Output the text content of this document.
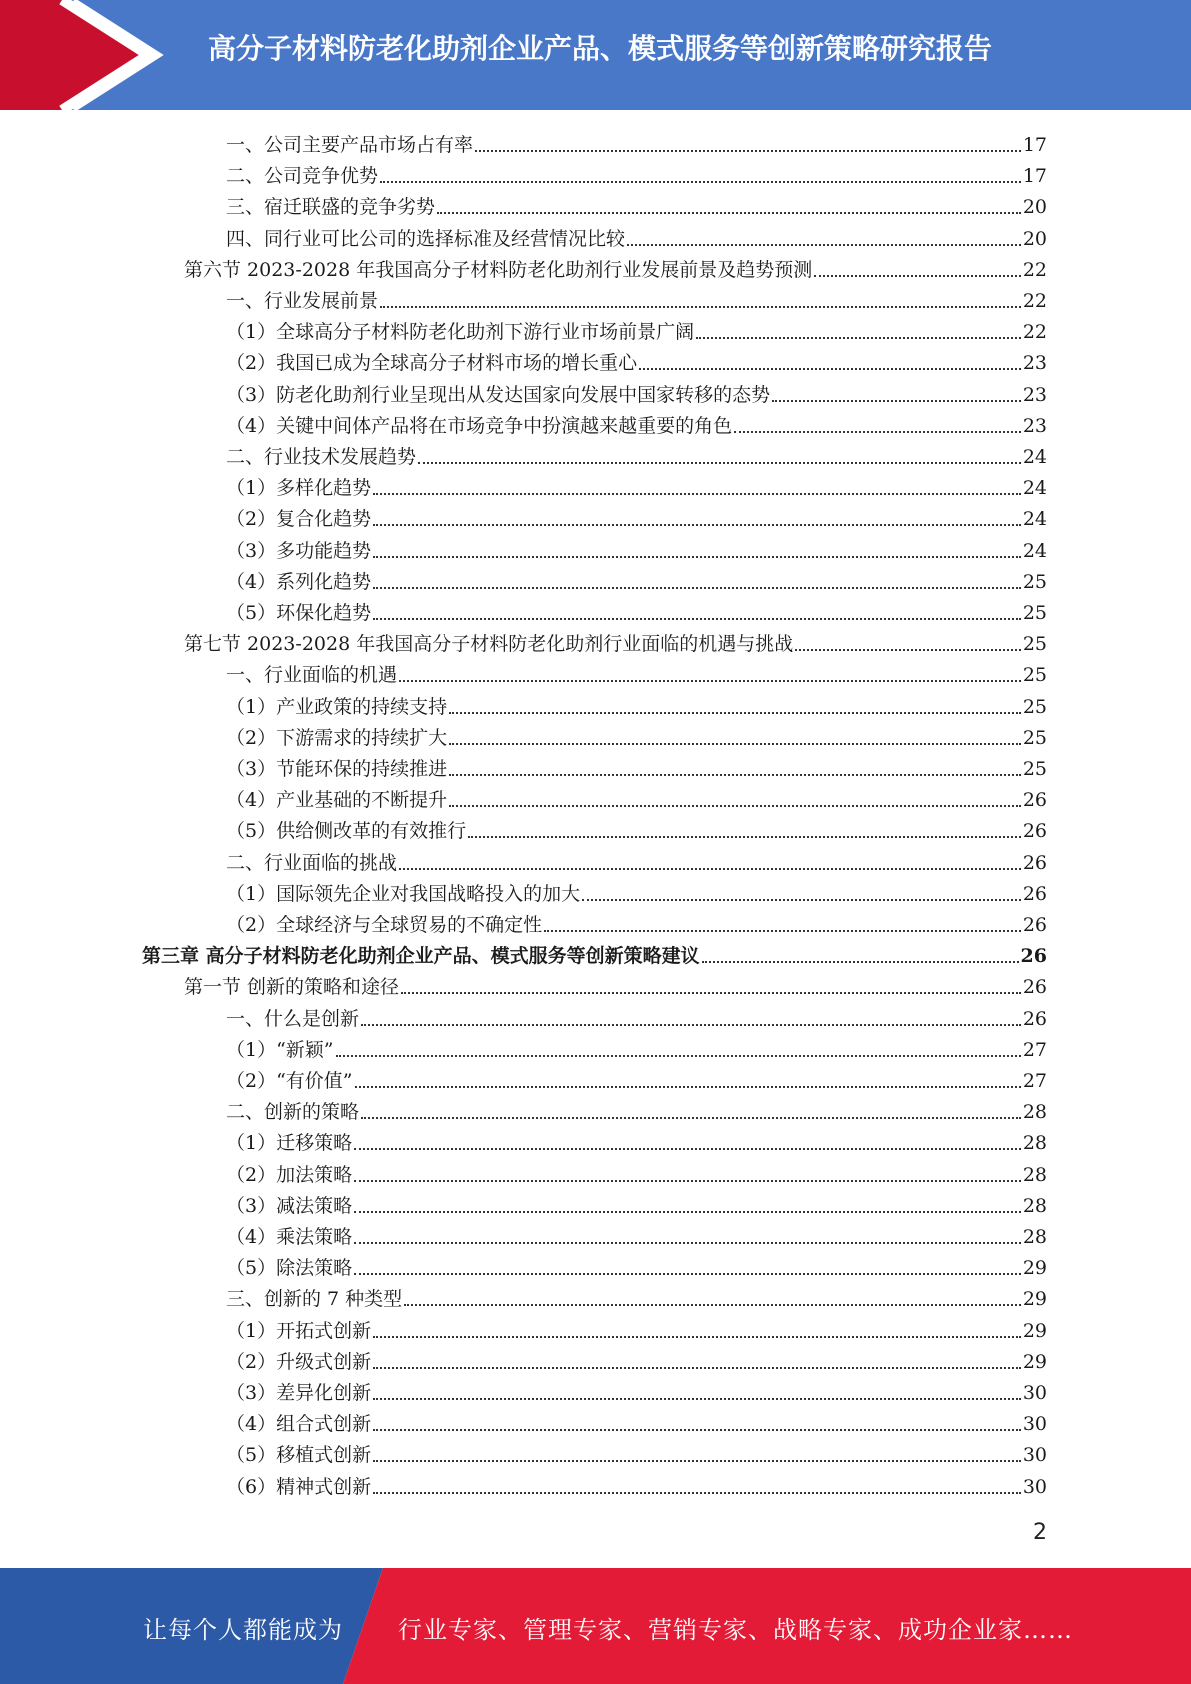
高分子材料防老化助剂企业产品、模式服务等创新策略研究报告
一、公司主要产品市场占有率	17
二、公司竞争优势	17
三、宿迁联盛的竞争劣势	20
四、同行业可比公司的选择标准及经营情况比较	20
第六节 2023-2028 年我国高分子材料防老化助剂行业发展前景及趋势预测	22
一、行业发展前景	22
（1）全球高分子材料防老化助剂下游行业市场前景广阔	22
（2）我国已成为全球高分子材料市场的增长重心	23
（3）防老化助剂行业呈现出从发达国家向发展中国家转移的态势	23
（4）关键中间体产品将在市场竞争中扮演越来越重要的角色	23
二、行业技术发展趋势	24
（1）多样化趋势	24
（2）复合化趋势	24
（3）多功能趋势	24
（4）系列化趋势	25
（5）环保化趋势	25
第七节 2023-2028 年我国高分子材料防老化助剂行业面临的机遇与挑战	25
一、行业面临的机遇	25
（1）产业政策的持续支持	25
（2）下游需求的持续扩大	25
（3）节能环保的持续推进	25
（4）产业基础的不断提升	26
（5）供给侧改革的有效推行	26
二、行业面临的挑战	26
（1）国际领先企业对我国战略投入的加大	26
（2）全球经济与全球贸易的不确定性	26
第三章 高分子材料防老化助剂企业产品、模式服务等创新策略建议	26
第一节 创新的策略和途径	26
一、什么是创新	26
（1）“新颖”	27
（2）“有价值”	27
二、创新的策略	28
（1）迁移策略	28
（2）加法策略	28
（3）减法策略	28
（4）乘法策略	28
（5）除法策略	29
三、创新的 7 种类型	29
（1）开拓式创新	29
（2）升级式创新	29
（3）差异化创新	30
（4）组合式创新	30
（5）移植式创新	30
（6）精神式创新	30
2
让每个人都能成为 行业专家、管理专家、营销专家、战略专家、成功企业家……
